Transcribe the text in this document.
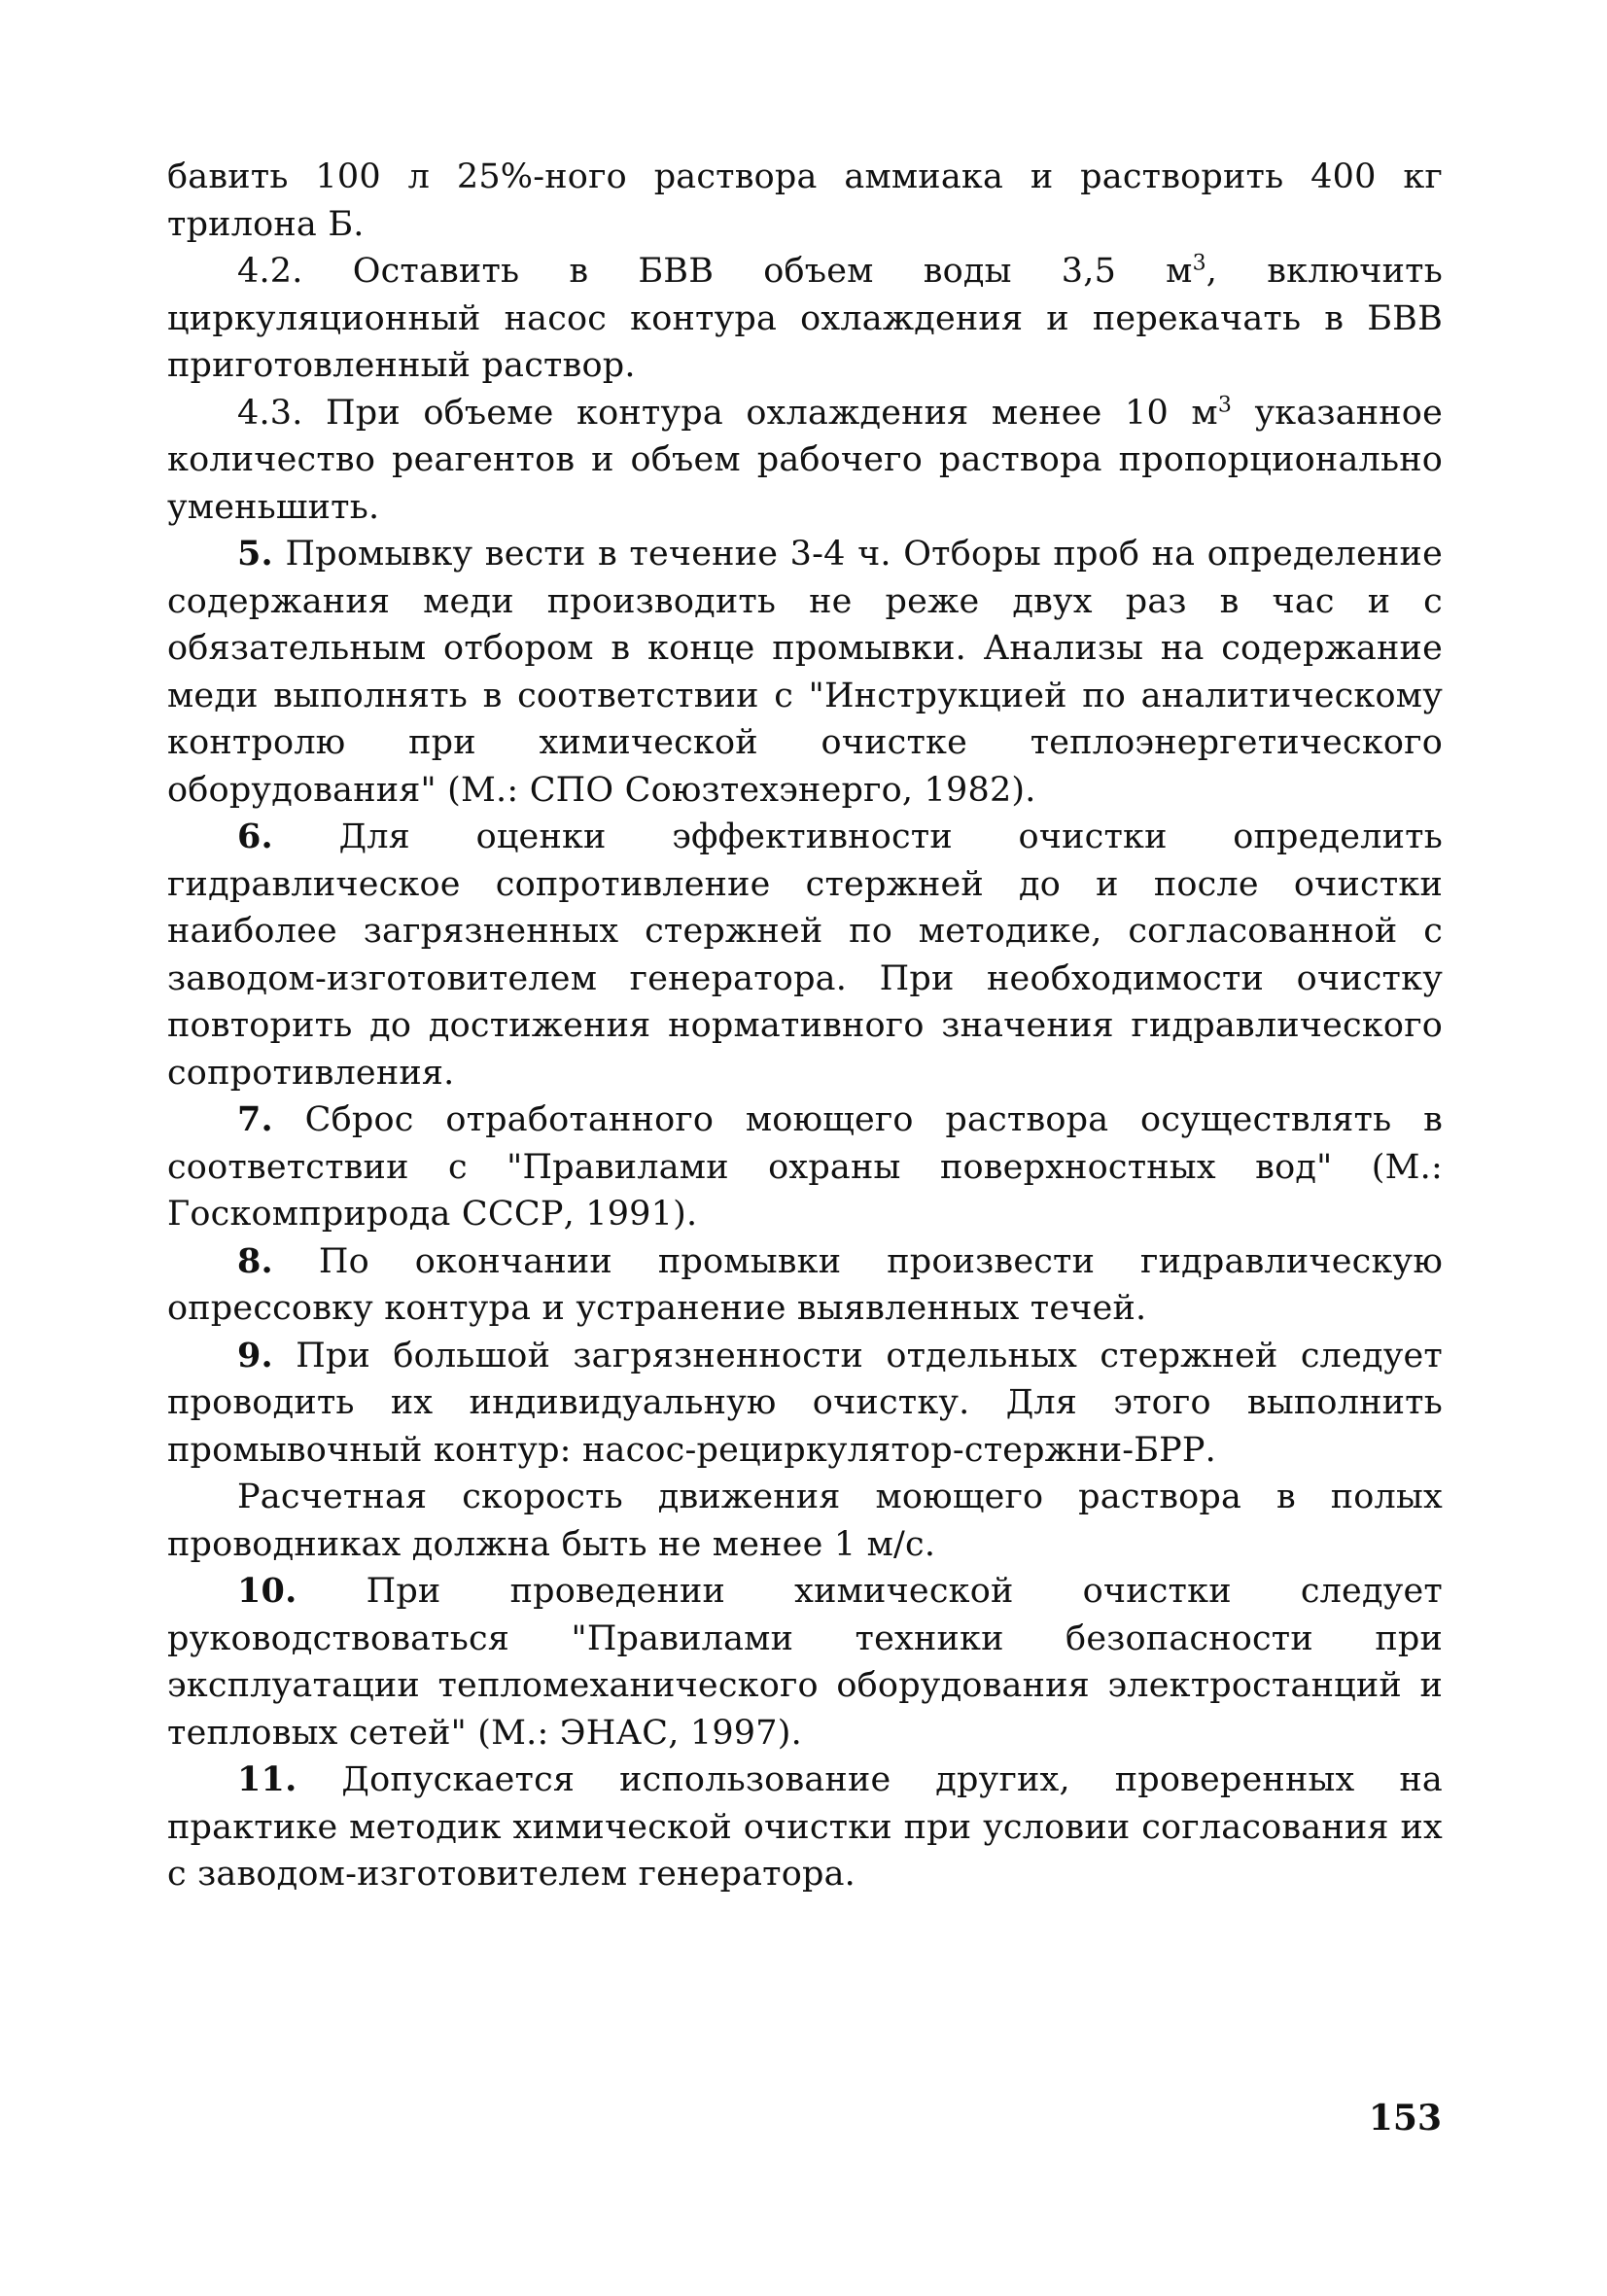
бавить 100 л 25%-ного раствора аммиака и растворить 400 кг трилона Б.

4.2. Оставить в БВВ объем воды 3,5 $м^3$, включить циркуляционный насос контура охлаждения и перекачать в БВВ приготовленный раствор.

4.3. При объеме контура охлаждения менее 10 $м^3$ указанное количество реагентов и объем рабочего раствора пропорционально уменьшить.

5. Промывку вести в течение 3-4 ч. Отборы проб на определение содержания меди производить не реже двух раз в час и с обязательным отбором в конце промывки. Анализы на содержание меди выполнять в соответствии с "Инструкцией по аналитическому контролю при химической очистке теплоэнергетического оборудования" (М.: СПО Союзтехэнерго, 1982).

6. Для оценки эффективности очистки определить гидравлическое сопротивление стержней до и после очистки наиболее загрязненных стержней по методике, согласованной с заводом-изготовителем генератора. При необходимости очистку повторить до достижения нормативного значения гидравлического сопротивления.

7. Сброс отработанного моющего раствора осуществлять в соответствии с "Правилами охраны поверхностных вод" (М.: Госкомприрода СССР, 1991).

8. По окончании промывки произвести гидравлическую опрессовку контура и устранение выявленных течей.

9. При большой загрязненности отдельных стержней следует проводить их индивидуальную очистку. Для этого выполнить промывочный контур: насос-рециркулятор-стержни-БРР.

Расчетная скорость движения моющего раствора в полых проводниках должна быть не менее 1 м/с.

10. При проведении химической очистки следует руководствоваться "Правилами техники безопасности при эксплуатации тепломеханического оборудования электростанций и тепловых сетей" (М.: ЭНАС, 1997).

11. Допускается использование других, проверенных на практике методик химической очистки при условии согласования их с заводом-изготовителем генератора.

153
